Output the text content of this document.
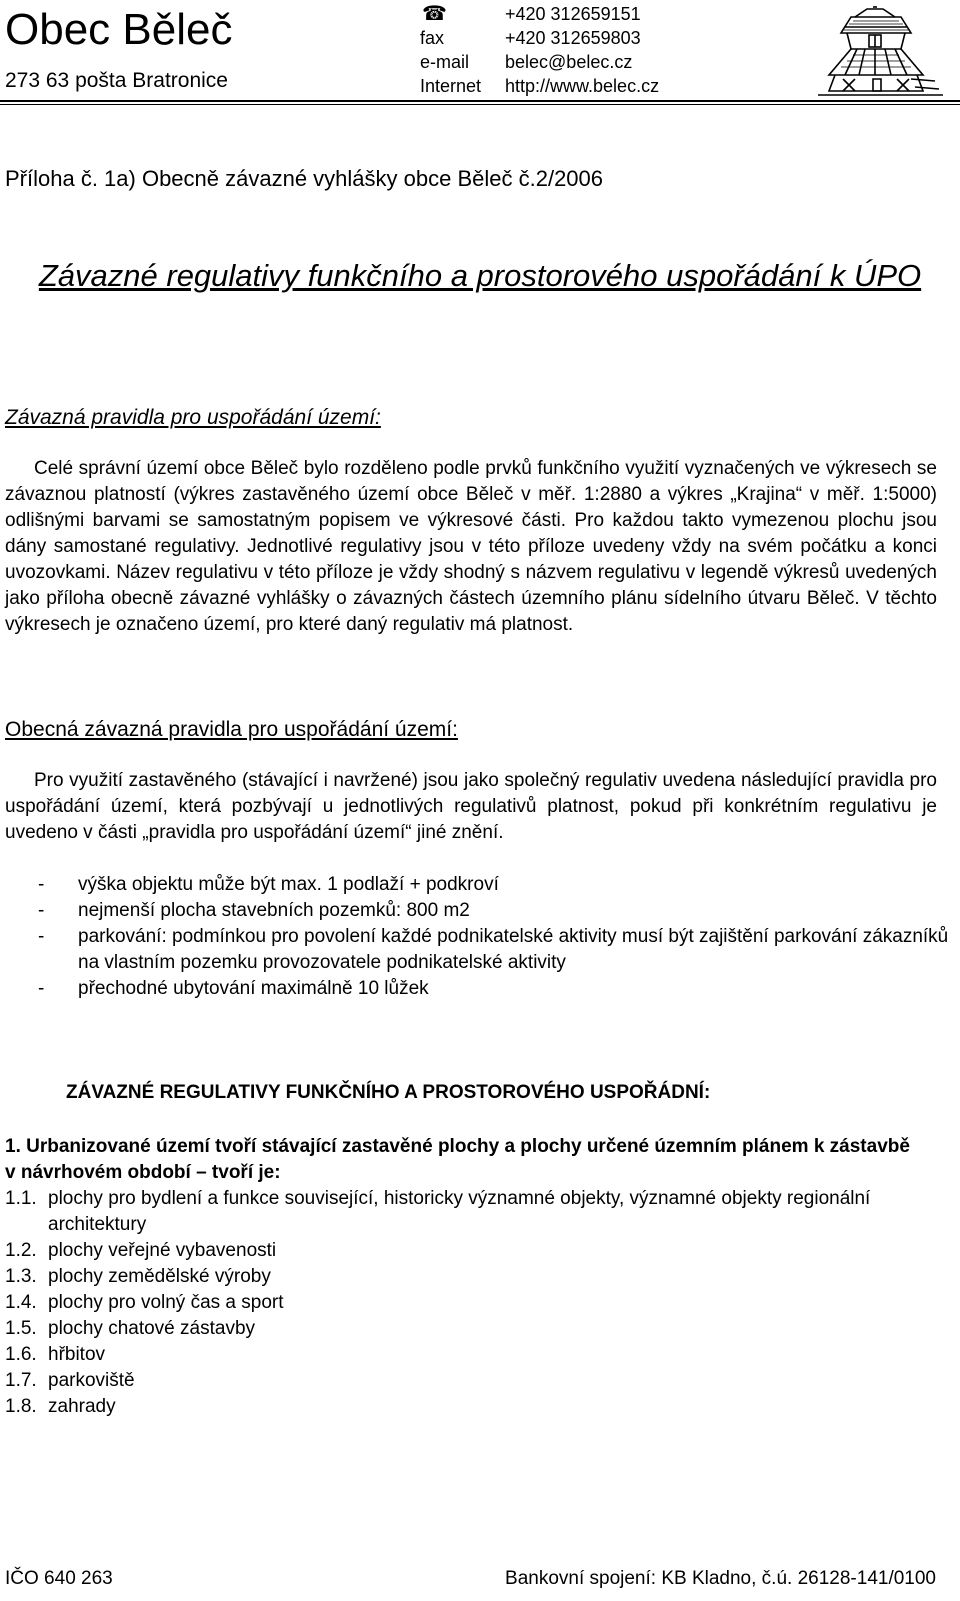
Obec Běleč
273 63 pošta Bratronice
☎	+420 312659151
fax	+420 312659803
e-mail belec@belec.cz
Internet http://www.belec.cz
Příloha č. 1a) Obecně závazné vyhlášky obce Běleč č.2/2006
Závazné regulativy funkčního a prostorového uspořádání k ÚPO
Závazná pravidla pro uspořádání území:
Celé správní území obce Běleč bylo rozděleno podle prvků funkčního využití vyznačených ve výkresech se závaznou platností (výkres zastavěného území obce Běleč v měř. 1:2880 a výkres „Krajina“ v měř. 1:5000) odlišnými barvami se samostatným popisem ve výkresové části. Pro každou takto vymezenou plochu jsou dány samostané regulativy. Jednotlivé regulativy jsou v této příloze uvedeny vždy na svém počátku a konci uvozovkami. Název regulativu v této příloze je vždy shodný s názvem regulativu v legendě výkresů uvedených jako příloha obecně závazné vyhlášky o závazných částech územního plánu sídelního útvaru Běleč. V těchto výkresech je označeno území, pro které daný regulativ má platnost.
Obecná závazná pravidla pro uspořádání území:
Pro využití zastavěného (stávající i navržené) jsou jako společný regulativ uvedena následující pravidla pro uspořádání území, která pozbývají u jednotlivých regulativů platnost, pokud při konkrétním regulativu je uvedeno v části „pravidla pro uspořádání území“ jiné znění.
- výška objektu může být max. 1 podlaží + podkroví
- nejmenší plocha stavebních pozemků: 800 m2
- parkování: podmínkou pro povolení každé podnikatelské aktivity musí být zajištění parkování zákazníků na vlastním pozemku provozovatele podnikatelské aktivity
- přechodné ubytování maximálně 10 lůžek
ZÁVAZNÉ REGULATIVY FUNKČNÍHO A PROSTOROVÉHO USPOŘÁDNÍ:
1. Urbanizované území tvoří stávající zastavěné plochy a plochy určené územním plánem k zástavbě v návrhovém období – tvoří je:
1.1. plochy pro bydlení a funkce související, historicky významné objekty, významné objekty regionální architektury
1.2. plochy veřejné vybavenosti
1.3. plochy zemědělské výroby
1.4. plochy pro volný čas a sport
1.5. plochy chatové zástavby
1.6. hřbitov
1.7. parkoviště
1.8. zahrady
IČO 640 263	Bankovní spojení: KB Kladno, č.ú. 26128-141/0100
